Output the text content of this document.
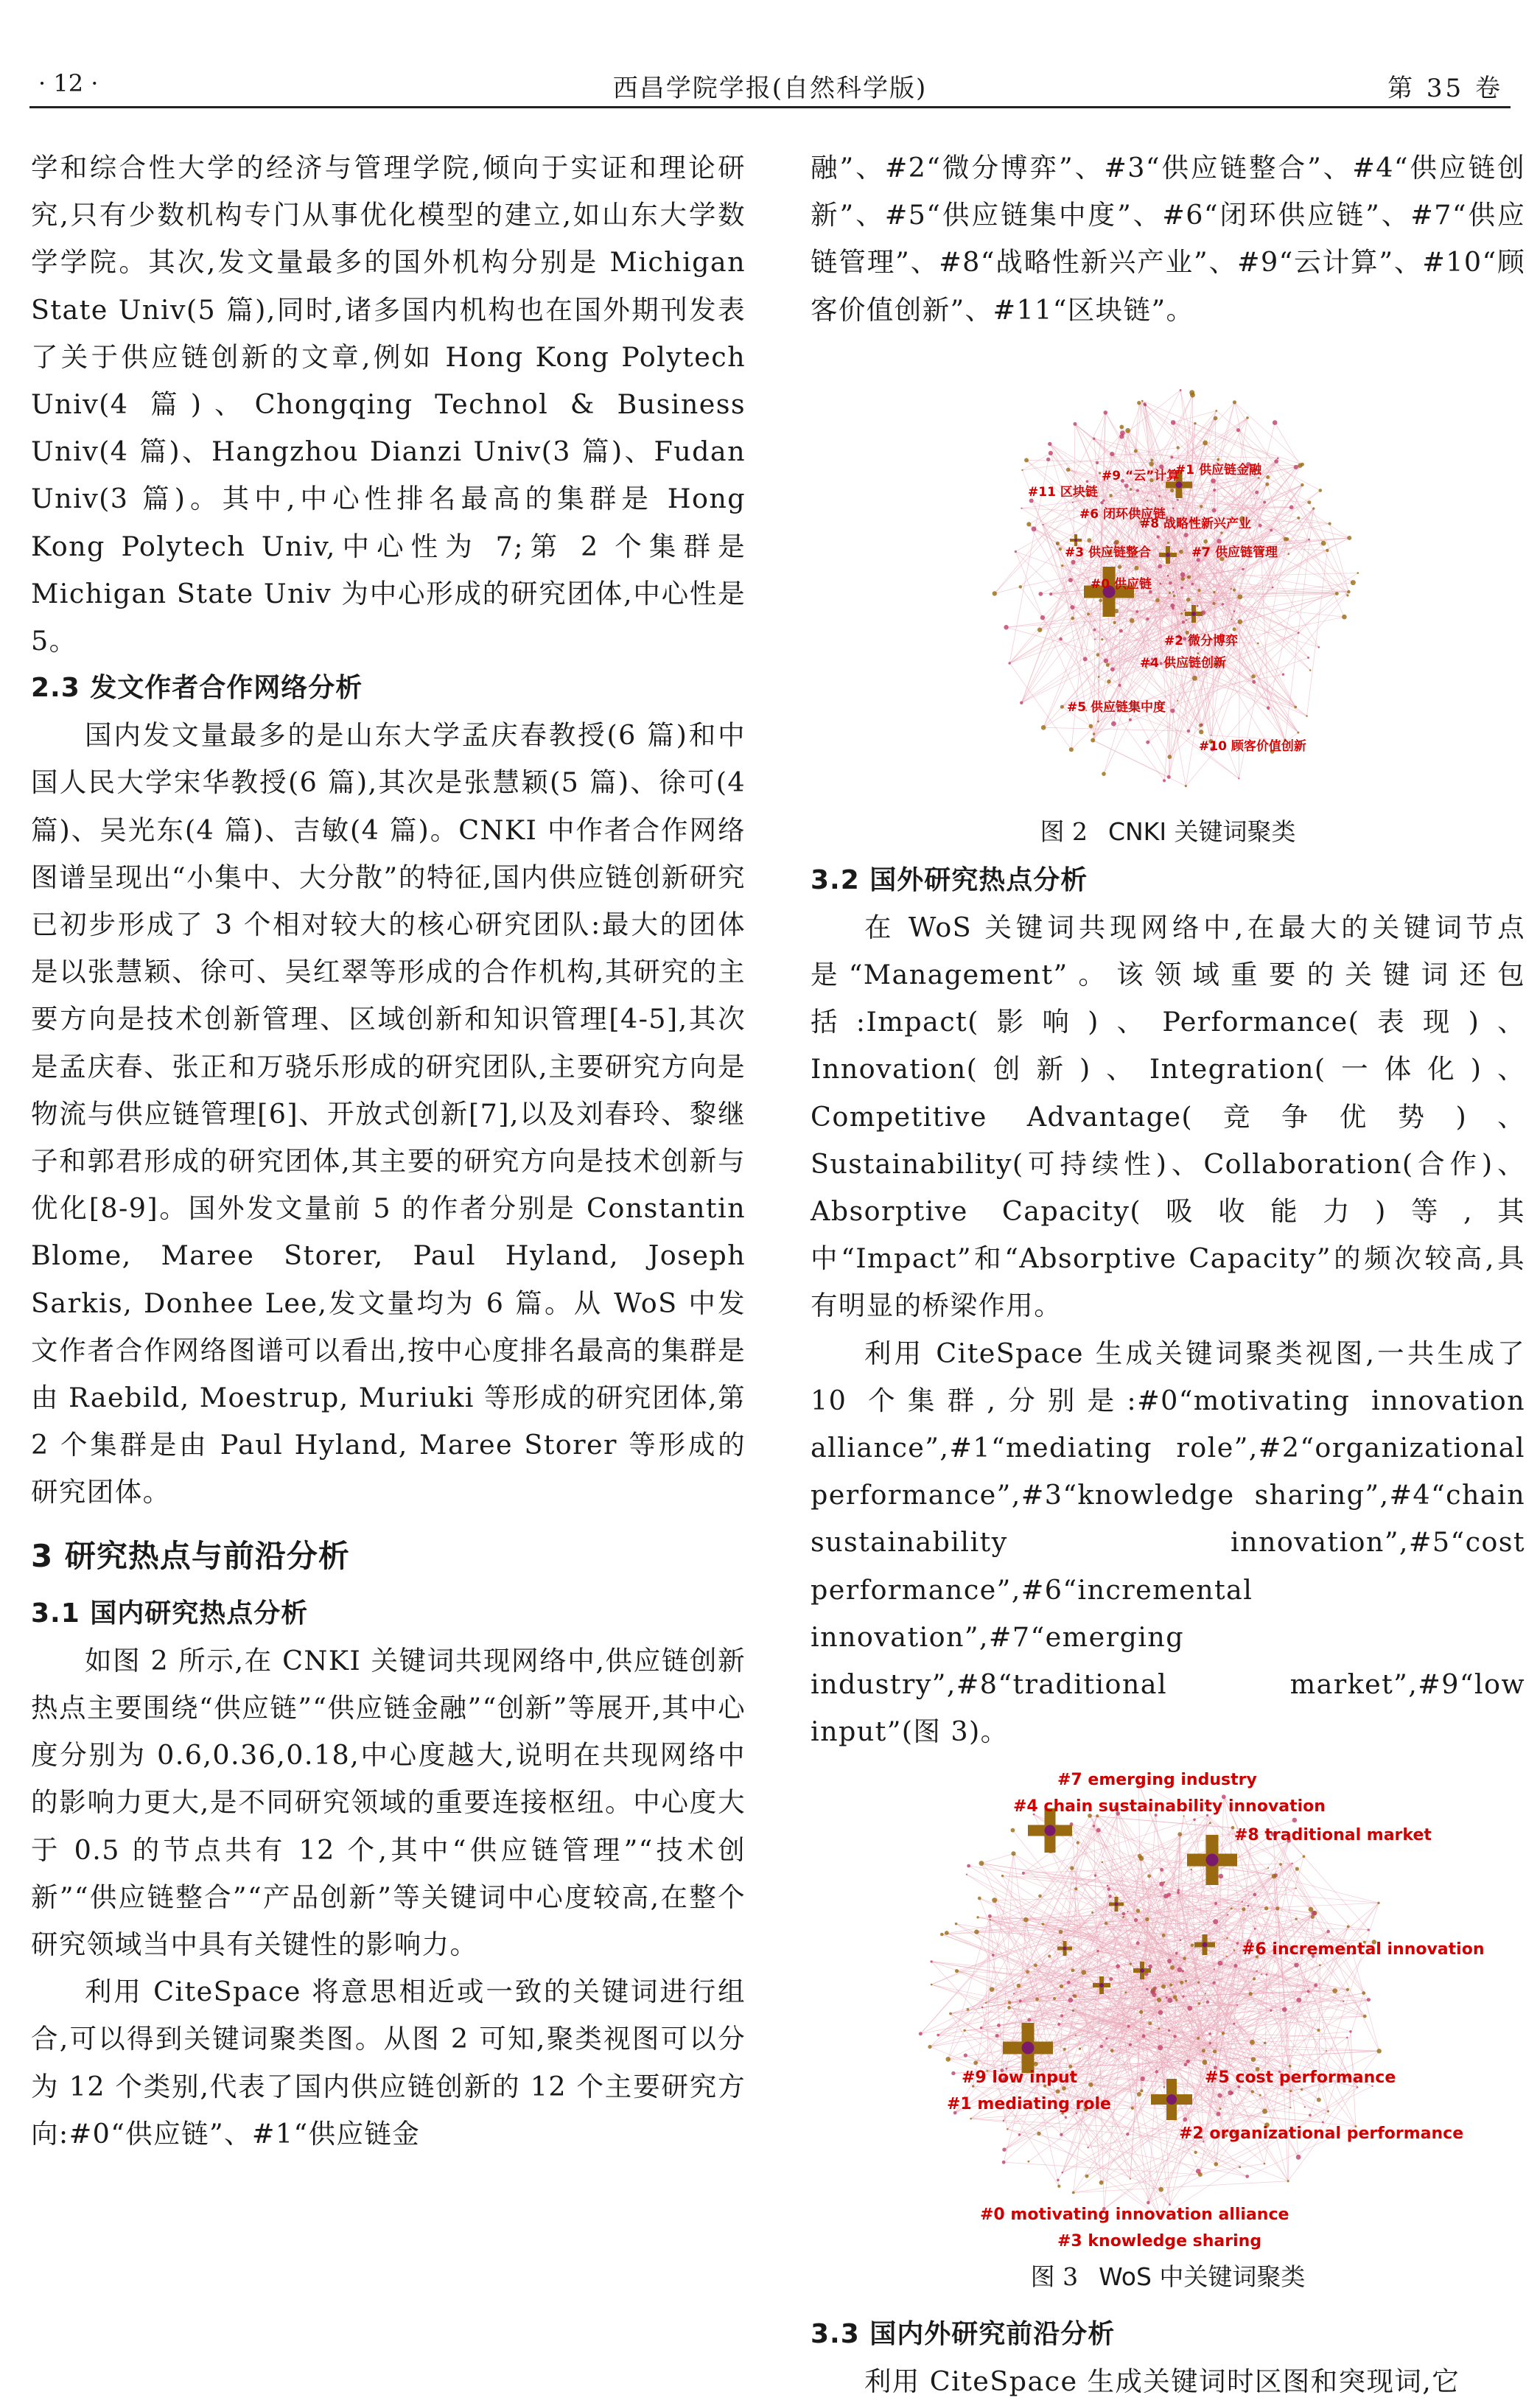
· 12 ·	西昌学院学报(自然科学版)	第 35 卷

学和综合性大学的经济与管理学院,倾向于实证和理论研究,只有少数机构专门从事优化模型的建立,如山东大学数学学院。其次,发文量最多的国外机构分别是 Michigan State Univ(5 篇),同时,诸多国内机构也在国外期刊发表了关于供应链创新的文章,例如 Hong Kong Polytech Univ(4 篇)、Chongqing Technol & Business Univ(4 篇)、Hangzhou Dianzi Univ(3 篇)、Fudan Univ(3 篇)。其中,中心性排名最高的集群是 Hong Kong Polytech Univ,中心性为 7;第 2 个集群是 Michigan State Univ 为中心形成的研究团体,中心性是 5。

2.3 发文作者合作网络分析

国内发文量最多的是山东大学孟庆春教授(6 篇)和中国人民大学宋华教授(6 篇),其次是张慧颖(5 篇)、徐可(4 篇)、吴光东(4 篇)、吉敏(4 篇)。CNKI 中作者合作网络图谱呈现出“小集中、大分散”的特征,国内供应链创新研究已初步形成了 3 个相对较大的核心研究团队:最大的团体是以张慧颖、徐可、吴红翠等形成的合作机构,其研究的主要方向是技术创新管理、区域创新和知识管理[4-5],其次是孟庆春、张正和万骁乐形成的研究团队,主要研究方向是物流与供应链管理[6]、开放式创新[7],以及刘春玲、黎继子和郭君形成的研究团体,其主要的研究方向是技术创新与优化[8-9]。国外发文量前 5 的作者分别是 Constantin Blome, Maree Storer, Paul Hyland, Joseph Sarkis, Donhee Lee,发文量均为 6 篇。从 WoS 中发文作者合作网络图谱可以看出,按中心度排名最高的集群是由 Raebild, Moestrup, Muriuki 等形成的研究团体,第 2 个集群是由 Paul Hyland, Maree Storer 等形成的研究团体。

3 研究热点与前沿分析
3.1 国内研究热点分析

如图 2 所示,在 CNKI 关键词共现网络中,供应链创新热点主要围绕“供应链”“供应链金融”“创新”等展开,其中心度分别为 0.6,0.36,0.18,中心度越大,说明在共现网络中的影响力更大,是不同研究领域的重要连接枢纽。中心度大于 0.5 的节点共有 12 个,其中“供应链管理”“技术创新”“供应链整合”“产品创新”等关键词中心度较高,在整个研究领域当中具有关键性的影响力。

利用 CiteSpace 将意思相近或一致的关键词进行组合,可以得到关键词聚类图。从图 2 可知,聚类视图可以分为 12 个类别,代表了国内供应链创新的 12 个主要研究方向:#0“供应链”、#1“供应链金

融”、#2“微分博弈”、#3“供应链整合”、#4“供应链创新”、#5“供应链集中度”、#6“闭环供应链”、#7“供应链管理”、#8“战略性新兴产业”、#9“云计算”、#10“顾客价值创新”、#11“区块链”。

#1 供应链金融
#9 “云”计算
#11 区块链
#6 闭环供应链
#8 战略性新兴产业
#3 供应链整合	#7 供应链管理
#0 供应链
#2 微分博弈
#4 供应链创新
#5 供应链集中度
#10 顾客价值创新
图 2 CNKI 关键词聚类
3.2 国外研究热点分析

在 WoS 关键词共现网络中,在最大的关键词节点是“Management”。该领域重要的关键词还包括:Impact(影响)、Performance(表现)、Innovation(创新)、Integration(一体化)、Competitive Advantage(竞争优势)、Sustainability(可持续性)、Collaboration(合作)、Absorptive Capacity(吸收能力)等,其中“Impact”和“Absorptive Capacity”的频次较高,具有明显的桥梁作用。

利用 CiteSpace 生成关键词聚类视图,一共生成了 10 个集群,分别是:#0“motivating innovation alliance”,#1“mediating role”,#2“organizational performance”,#3“knowledge sharing”,#4“chain sustainability innovation”,#5“cost performance”,#6“incremental innovation”,#7“emerging industry”,#8“traditional market”,#9“low input”(图 3)。

#7 emerging industry
#4 chain sustainability innovation
#8 traditional market
#6 incremental innovation
#9 low input
#1 mediating role
#5 cost performance
#2 organizational performance
#0 motivating innovation alliance
#3 knowledge sharing
图 3 WoS 中关键词聚类
3.3 国内外研究前沿分析

利用 CiteSpace 生成关键词时区图和突现词,它
